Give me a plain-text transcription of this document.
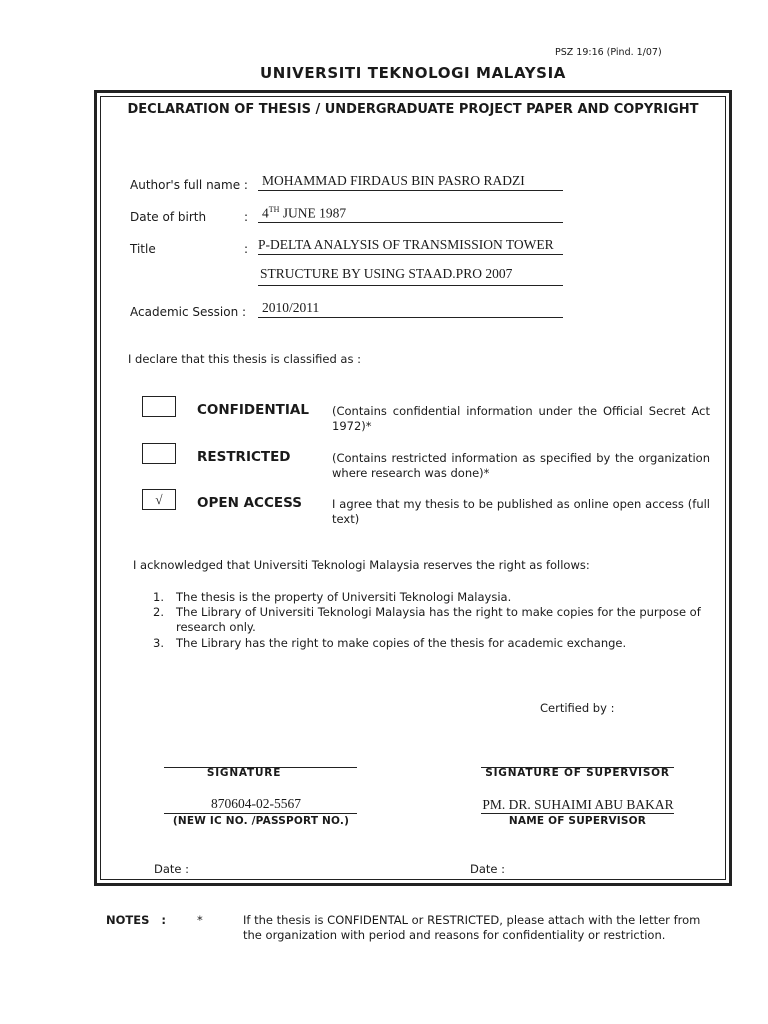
PSZ 19:16 (Pind. 1/07)
UNIVERSITI TEKNOLOGI MALAYSIA
DECLARATION OF THESIS / UNDERGRADUATE PROJECT PAPER AND COPYRIGHT
Author's full name : MOHAMMAD FIRDAUS BIN PASRO RADZI
Date of birth	: 4TH JUNE 1987
Title	: P-DELTA ANALYSIS OF TRANSMISSION TOWER
STRUCTURE BY USING STAAD.PRO 2007
Academic Session : 2010/2011
I declare that this thesis is classified as :
CONFIDENTIAL (Contains confidential information under the Official Secret Act 1972)*
RESTRICTED	(Contains restricted information as specified by the organization where research was done)*
√	OPEN ACCESS	I agree that my thesis to be published as online open access (full text)
I acknowledged that Universiti Teknologi Malaysia reserves the right as follows:
1. The thesis is the property of Universiti Teknologi Malaysia.
2. The Library of Universiti Teknologi Malaysia has the right to make copies for the purpose of research only.
3. The Library has the right to make copies of the thesis for academic exchange.
Certified by :
SIGNATURE	SIGNATURE OF SUPERVISOR
870604-02-5567
(NEW IC NO. /PASSPORT NO.)
PM. DR. SUHAIMI ABU BAKAR
NAME OF SUPERVISOR
Date :	Date :
NOTES   :	*	If the thesis is CONFIDENTAL or RESTRICTED, please attach with the letter from the organization with period and reasons for confidentiality or restriction.
